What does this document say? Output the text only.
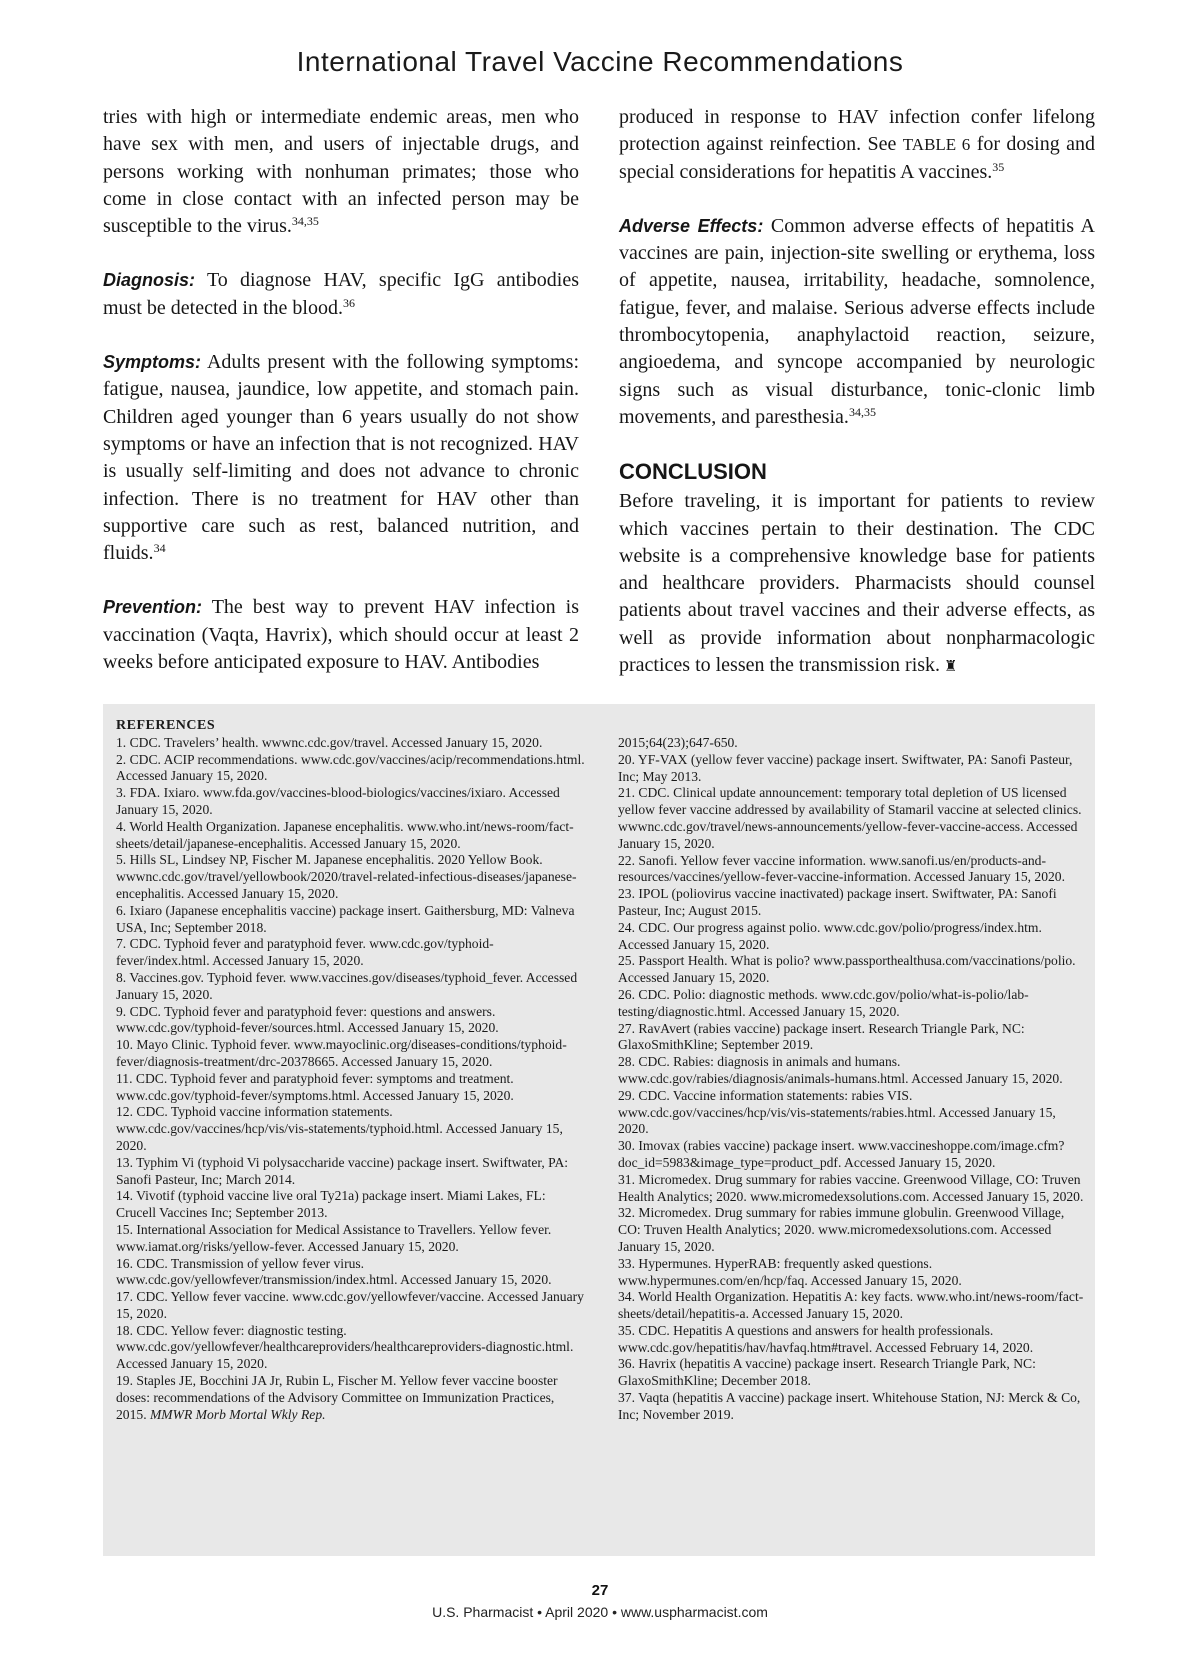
International Travel Vaccine Recommendations

tries with high or intermediate endemic areas, men who have sex with men, and users of injectable drugs, and persons working with nonhuman primates; those who come in close contact with an infected person may be susceptible to the virus.$^{34,35}$

Diagnosis: To diagnose HAV, specific IgG antibodies must be detected in the blood.$^{36}$

Symptoms: Adults present with the following symptoms: fatigue, nausea, jaundice, low appetite, and stomach pain. Children aged younger than 6 years usually do not show symptoms or have an infection that is not recognized. HAV is usually self-limiting and does not advance to chronic infection. There is no treatment for HAV other than supportive care such as rest, balanced nutrition, and fluids.$^{34}$

Prevention: The best way to prevent HAV infection is vaccination (Vaqta, Havrix), which should occur at least 2 weeks before anticipated exposure to HAV. Antibodies

produced in response to HAV infection confer lifelong protection against reinfection. See TABLE 6 for dosing and special considerations for hepatitis A vaccines.$^{35}$

Adverse Effects: Common adverse effects of hepatitis A vaccines are pain, injection-site swelling or erythema, loss of appetite, nausea, irritability, headache, somnolence, fatigue, fever, and malaise. Serious adverse effects include thrombocytopenia, anaphylactoid reaction, seizure, angioedema, and syncope accompanied by neurologic signs such as visual disturbance, tonic-clonic limb movements, and paresthesia.$^{34,35}$

CONCLUSION

Before traveling, it is important for patients to review which vaccines pertain to their destination. The CDC website is a comprehensive knowledge base for patients and healthcare providers. Pharmacists should counsel patients about travel vaccines and their adverse effects, as well as provide information about nonpharmacologic practices to lessen the transmission risk. ♜

REFERENCES
1. CDC. Travelers’ health. wwwnc.cdc.gov/travel. Accessed January 15, 2020.
2. CDC. ACIP recommendations. www.cdc.gov/vaccines/acip/recommendations.html. Accessed January 15, 2020.
3. FDA. Ixiaro. www.fda.gov/vaccines-blood-biologics/vaccines/ixiaro. Accessed January 15, 2020.
4. World Health Organization. Japanese encephalitis. www.who.int/news-room/fact-sheets/detail/japanese-encephalitis. Accessed January 15, 2020.
5. Hills SL, Lindsey NP, Fischer M. Japanese encephalitis. 2020 Yellow Book. wwwnc.cdc.gov/travel/yellowbook/2020/travel-related-infectious-diseases/japanese-encephalitis. Accessed January 15, 2020.
6. Ixiaro (Japanese encephalitis vaccine) package insert. Gaithersburg, MD: Valneva USA, Inc; September 2018.
7. CDC. Typhoid fever and paratyphoid fever. www.cdc.gov/typhoid-fever/index.html. Accessed January 15, 2020.
8. Vaccines.gov. Typhoid fever. www.vaccines.gov/diseases/typhoid_fever. Accessed January 15, 2020.
9. CDC. Typhoid fever and paratyphoid fever: questions and answers. www.cdc.gov/typhoid-fever/sources.html. Accessed January 15, 2020.
10. Mayo Clinic. Typhoid fever. www.mayoclinic.org/diseases-conditions/typhoid-fever/diagnosis-treatment/drc-20378665. Accessed January 15, 2020.
11. CDC. Typhoid fever and paratyphoid fever: symptoms and treatment. www.cdc.gov/typhoid-fever/symptoms.html. Accessed January 15, 2020.
12. CDC. Typhoid vaccine information statements. www.cdc.gov/vaccines/hcp/vis/vis-statements/typhoid.html. Accessed January 15, 2020.
13. Typhim Vi (typhoid Vi polysaccharide vaccine) package insert. Swiftwater, PA: Sanofi Pasteur, Inc; March 2014.
14. Vivotif (typhoid vaccine live oral Ty21a) package insert. Miami Lakes, FL: Crucell Vaccines Inc; September 2013.
15. International Association for Medical Assistance to Travellers. Yellow fever. www.iamat.org/risks/yellow-fever. Accessed January 15, 2020.
16. CDC. Transmission of yellow fever virus. www.cdc.gov/yellowfever/transmission/index.html. Accessed January 15, 2020.
17. CDC. Yellow fever vaccine. www.cdc.gov/yellowfever/vaccine. Accessed January 15, 2020.
18. CDC. Yellow fever: diagnostic testing. www.cdc.gov/yellowfever/healthcareproviders/healthcareproviders-diagnostic.html. Accessed January 15, 2020.
19. Staples JE, Bocchini JA Jr, Rubin L, Fischer M. Yellow fever vaccine booster doses: recommendations of the Advisory Committee on Immunization Practices, 2015. MMWR Morb Mortal Wkly Rep.
2015;64(23);647-650.
20. YF-VAX (yellow fever vaccine) package insert. Swiftwater, PA: Sanofi Pasteur, Inc; May 2013.
21. CDC. Clinical update announcement: temporary total depletion of US licensed yellow fever vaccine addressed by availability of Stamaril vaccine at selected clinics. wwwnc.cdc.gov/travel/news-announcements/yellow-fever-vaccine-access. Accessed January 15, 2020.
22. Sanofi. Yellow fever vaccine information. www.sanofi.us/en/products-and-resources/vaccines/yellow-fever-vaccine-information. Accessed January 15, 2020.
23. IPOL (poliovirus vaccine inactivated) package insert. Swiftwater, PA: Sanofi Pasteur, Inc; August 2015.
24. CDC. Our progress against polio. www.cdc.gov/polio/progress/index.htm. Accessed January 15, 2020.
25. Passport Health. What is polio? www.passporthealthusa.com/vaccinations/polio. Accessed January 15, 2020.
26. CDC. Polio: diagnostic methods. www.cdc.gov/polio/what-is-polio/lab-testing/diagnostic.html. Accessed January 15, 2020.
27. RavAvert (rabies vaccine) package insert. Research Triangle Park, NC: GlaxoSmithKline; September 2019.
28. CDC. Rabies: diagnosis in animals and humans. www.cdc.gov/rabies/diagnosis/animals-humans.html. Accessed January 15, 2020.
29. CDC. Vaccine information statements: rabies VIS. www.cdc.gov/vaccines/hcp/vis/vis-statements/rabies.html. Accessed January 15, 2020.
30. Imovax (rabies vaccine) package insert. www.vaccineshoppe.com/image.cfm?doc_id=5983&image_type=product_pdf. Accessed January 15, 2020.
31. Micromedex. Drug summary for rabies vaccine. Greenwood Village, CO: Truven Health Analytics; 2020. www.micromedexsolutions.com. Accessed January 15, 2020.
32. Micromedex. Drug summary for rabies immune globulin. Greenwood Village, CO: Truven Health Analytics; 2020. www.micromedexsolutions.com. Accessed January 15, 2020.
33. Hypermunes. HyperRAB: frequently asked questions. www.hypermunes.com/en/hcp/faq. Accessed January 15, 2020.
34. World Health Organization. Hepatitis A: key facts. www.who.int/news-room/fact-sheets/detail/hepatitis-a. Accessed January 15, 2020.
35. CDC. Hepatitis A questions and answers for health professionals. www.cdc.gov/hepatitis/hav/havfaq.htm#travel. Accessed February 14, 2020.
36. Havrix (hepatitis A vaccine) package insert. Research Triangle Park, NC: GlaxoSmithKline; December 2018.
37. Vaqta (hepatitis A vaccine) package insert. Whitehouse Station, NJ: Merck & Co, Inc; November 2019.
27
U.S. Pharmacist • April 2020 • www.uspharmacist.com
